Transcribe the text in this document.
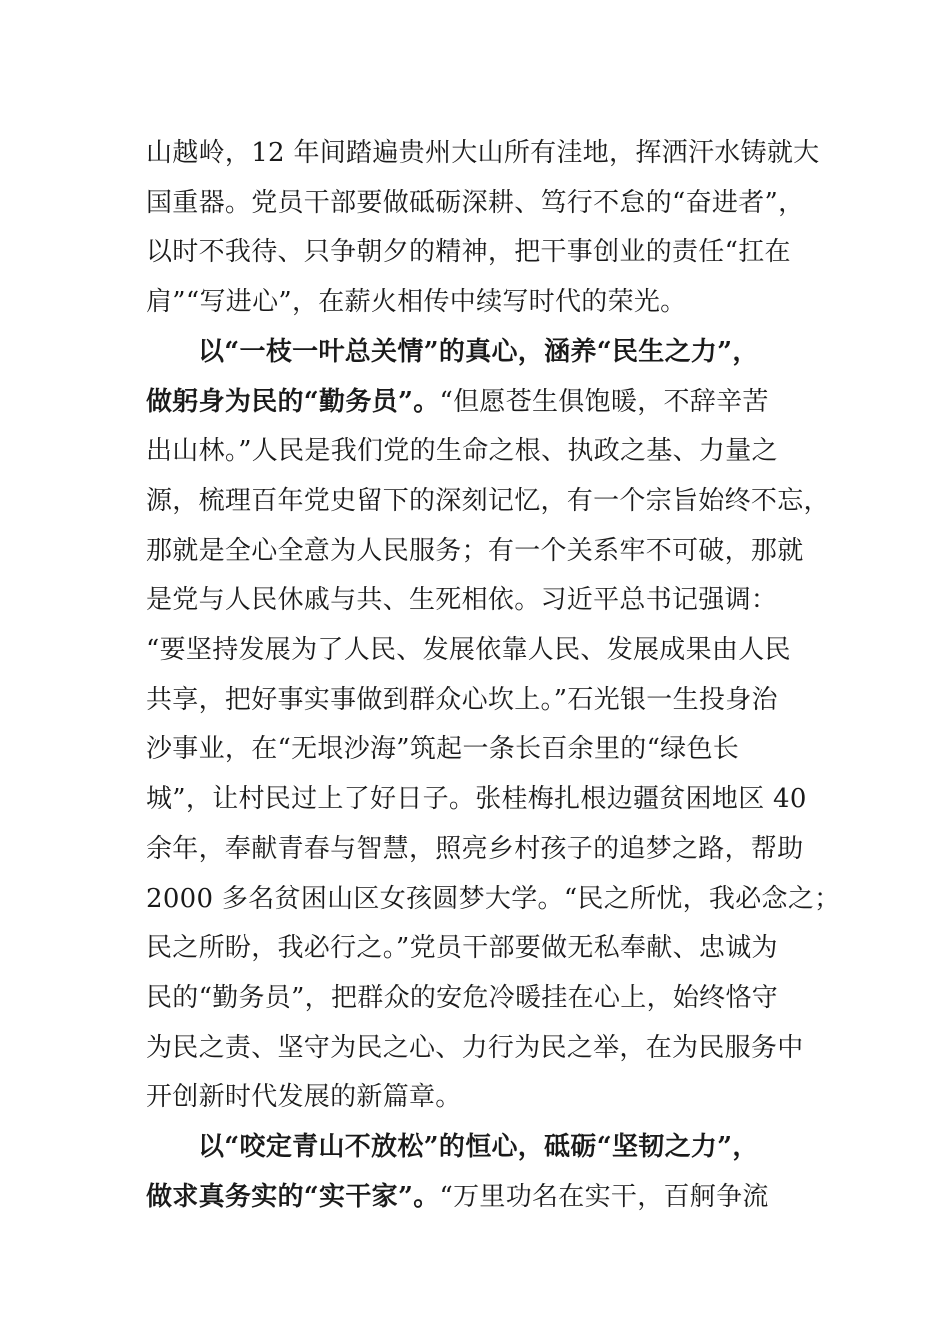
山越岭，12 年间踏遍贵州大山所有洼地，挥洒汗水铸就大
国重器。党员干部要做砥砺深耕、笃行不怠的“奋进者”，
以时不我待、只争朝夕的精神，把干事创业的责任“扛在
肩”“写进心”，在薪火相传中续写时代的荣光。
以“一枝一叶总关情”的真心，涵养“民生之力”，
做躬身为民的“勤务员”。“但愿苍生俱饱暖，不辞辛苦
出山林。”人民是我们党的生命之根、执政之基、力量之
源，梳理百年党史留下的深刻记忆，有一个宗旨始终不忘，
那就是全心全意为人民服务；有一个关系牢不可破，那就
是党与人民休戚与共、生死相依。习近平总书记强调：
“要坚持发展为了人民、发展依靠人民、发展成果由人民
共享，把好事实事做到群众心坎上。”石光银一生投身治
沙事业，在“无垠沙海”筑起一条长百余里的“绿色长
城”，让村民过上了好日子。张桂梅扎根边疆贫困地区 40
余年，奉献青春与智慧，照亮乡村孩子的追梦之路，帮助
2000 多名贫困山区女孩圆梦大学。“民之所忧，我必念之；
民之所盼，我必行之。”党员干部要做无私奉献、忠诚为
民的“勤务员”，把群众的安危冷暖挂在心上，始终恪守
为民之责、坚守为民之心、力行为民之举，在为民服务中
开创新时代发展的新篇章。
以“咬定青山不放松”的恒心，砥砺“坚韧之力”，
做求真务实的“实干家”。“万里功名在实干，百舸争流
